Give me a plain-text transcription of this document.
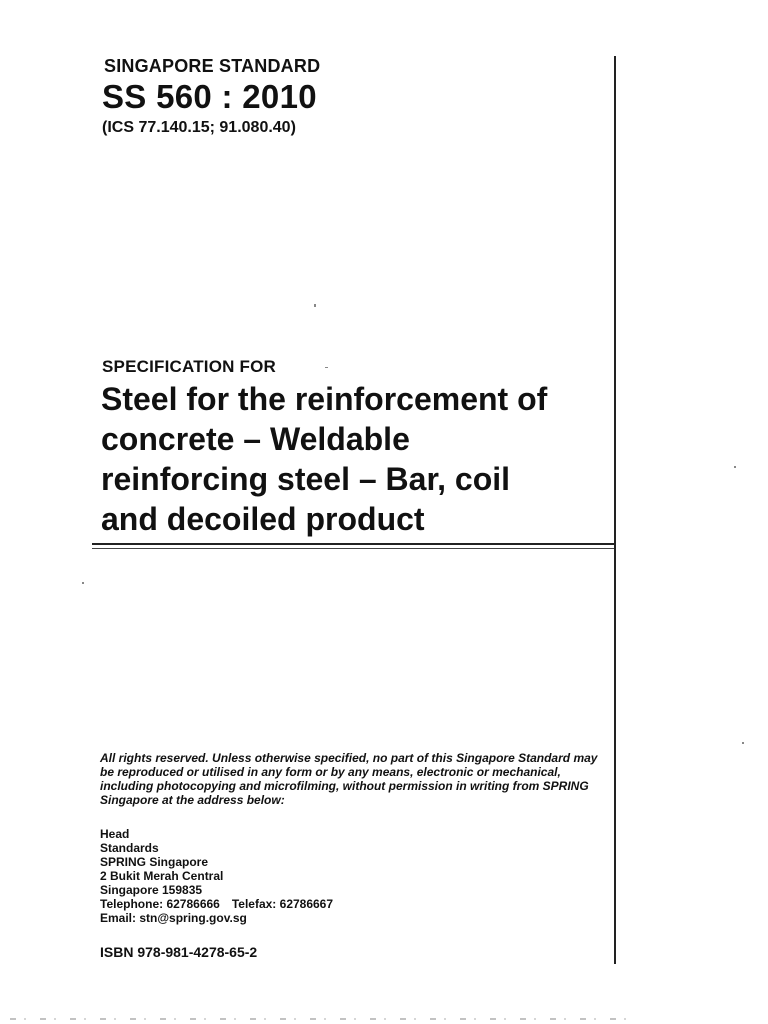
SINGAPORE STANDARD
SS 560 : 2010
(ICS 77.140.15; 91.080.40)
SPECIFICATION FOR
Steel for the reinforcement of
concrete – Weldable
reinforcing steel – Bar, coil
and decoiled product

All rights reserved. Unless otherwise specified, no part of this Singapore Standard may be reproduced or utilised in any form or by any means, electronic or mechanical, including photocopying and microfilming, without permission in writing from SPRING Singapore at the address below:

Head
Standards
SPRING Singapore
2 Bukit Merah Central
Singapore 159835
Telephone: 62786666 Telefax: 62786667
Email: stn@spring.gov.sg
ISBN 978-981-4278-65-2
